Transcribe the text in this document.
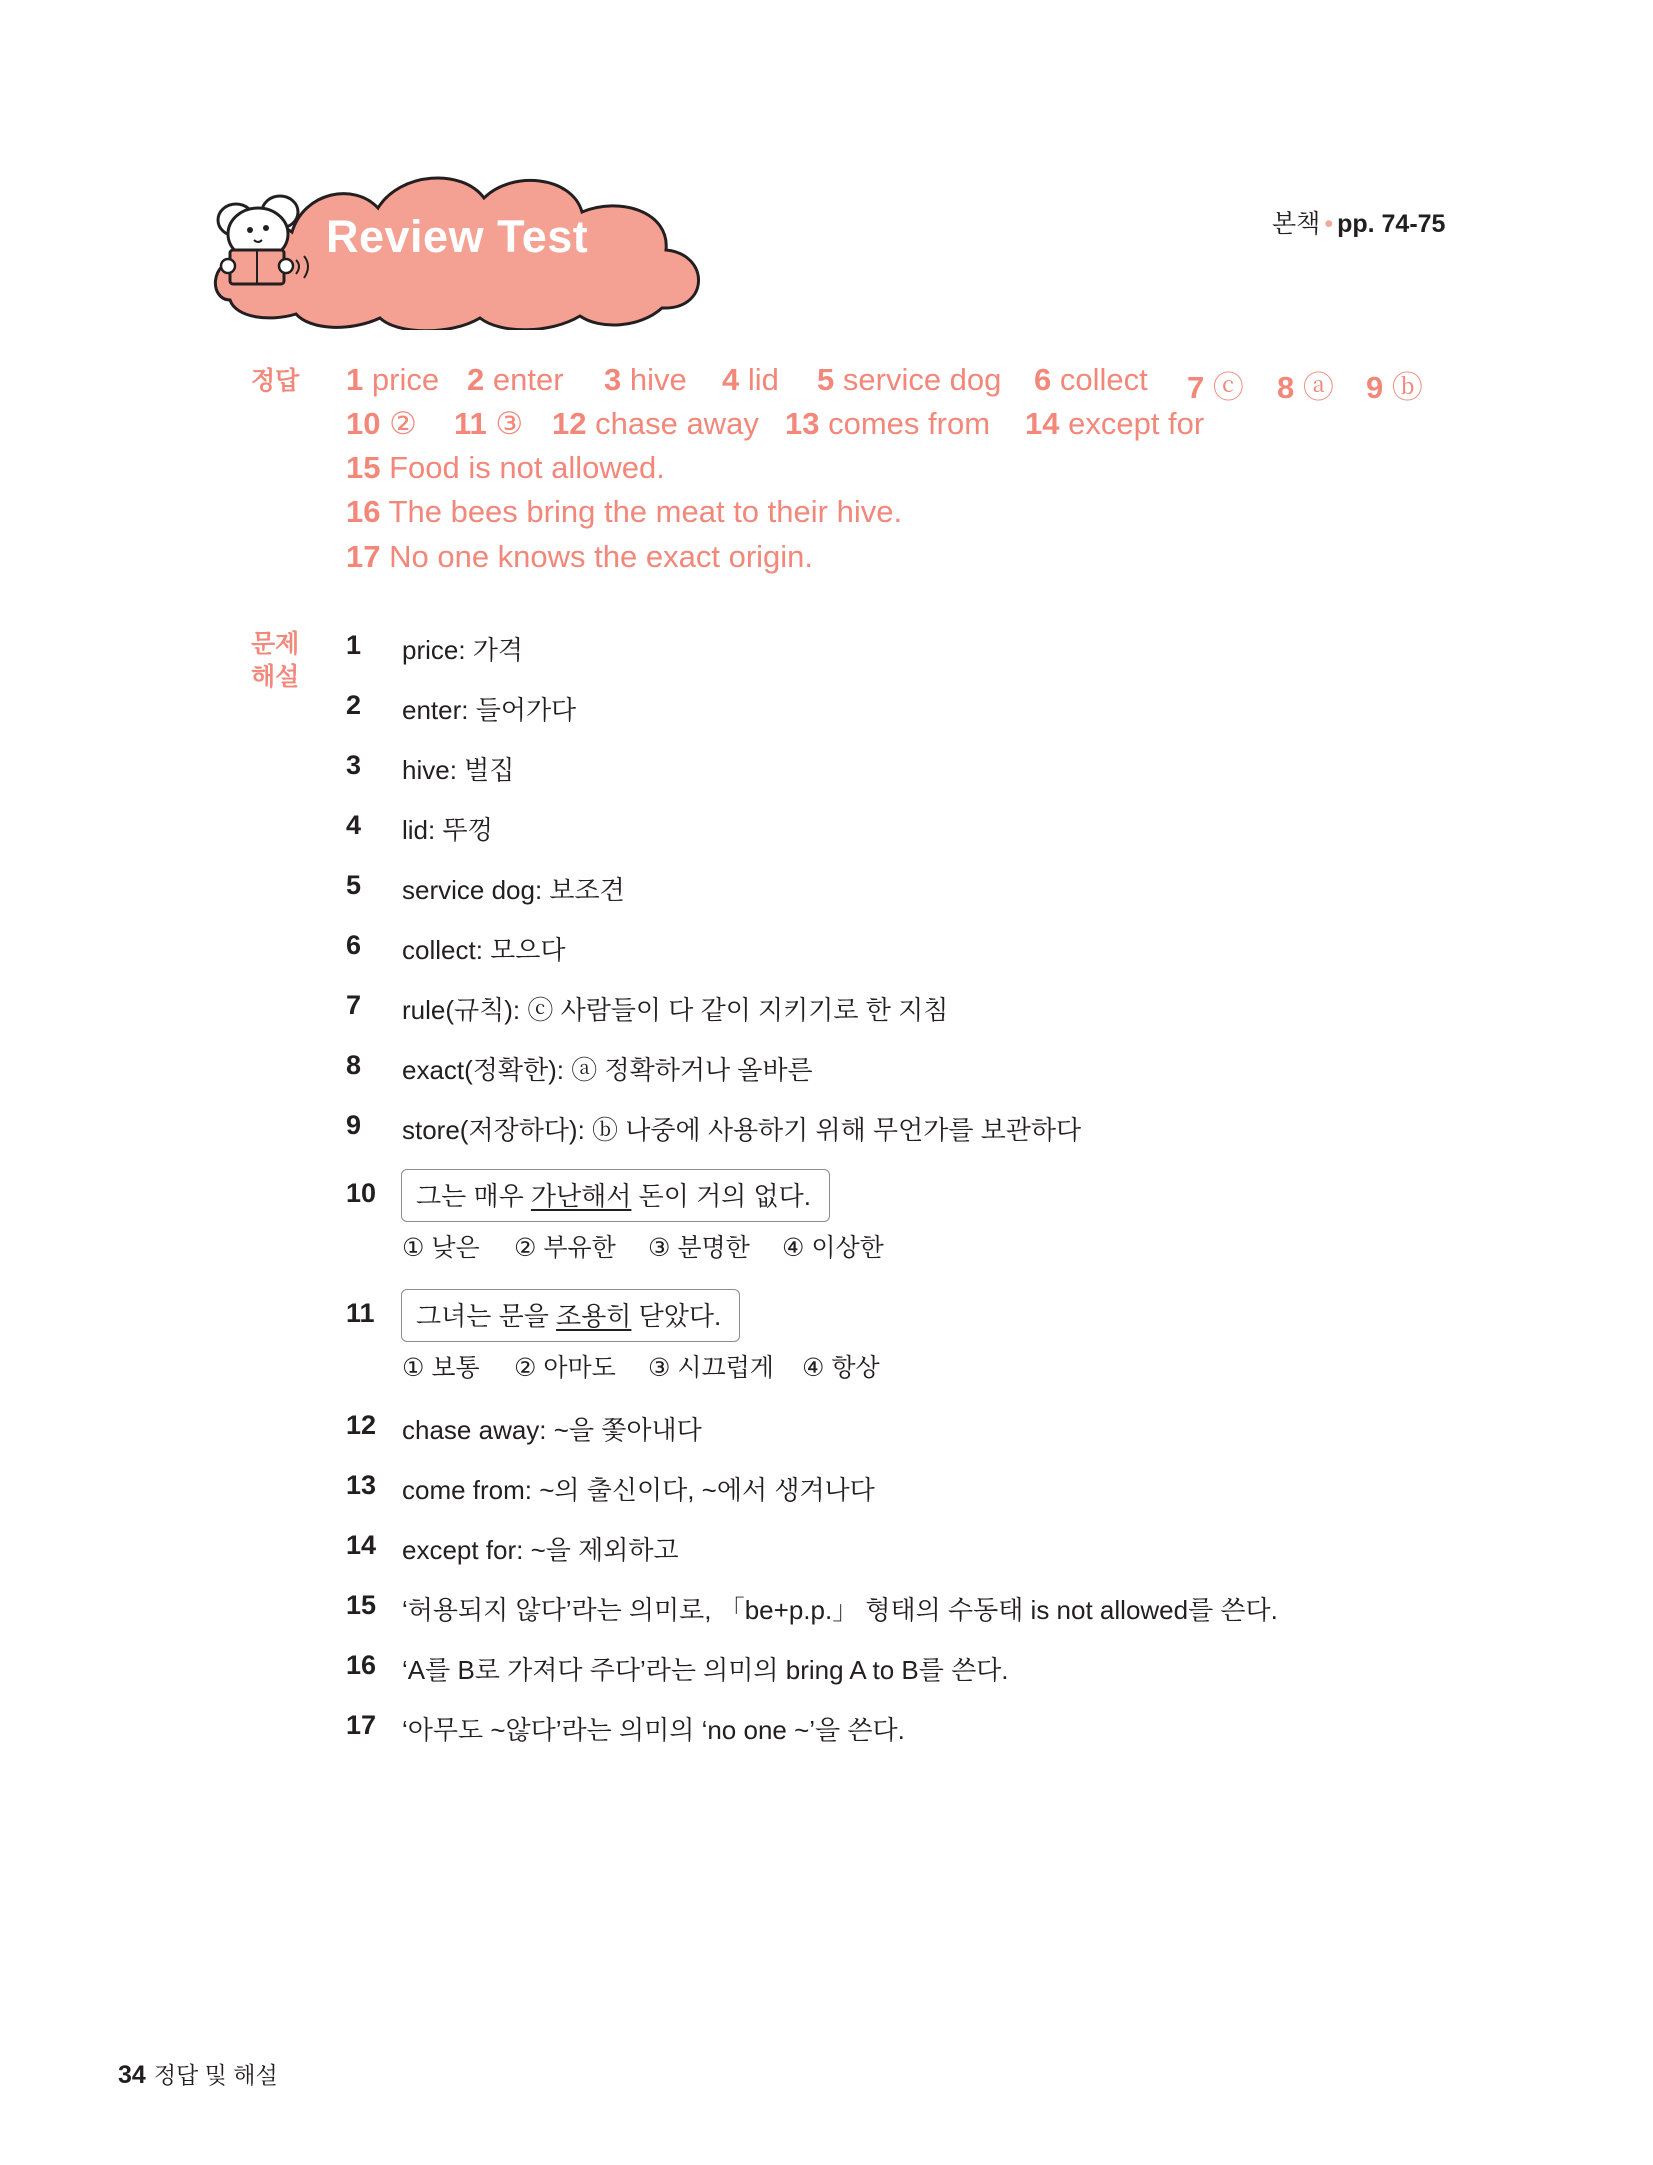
Review Test	본책 • pp. 74-75
정답 1 price 2 enter 3 hive 4 lid 5 service dog 6 collect 7 ⓒ 8 ⓐ 9 ⓑ
10 ② 11 ③ 12 chase away 13 comes from 14 except for
15 Food is not allowed.
16 The bees bring the meat to their hive.
17 No one knows the exact origin.
문제
해설
1 price: 가격
2 enter: 들어가다
3 hive: 벌집
4 lid: 뚜껑
5 service dog: 보조견
6 collect: 모으다
7 rule(규칙): ⓒ 사람들이 다 같이 지키기로 한 지침
8 exact(정확한): ⓐ 정확하거나 올바른
9 store(저장하다): ⓑ 나중에 사용하기 위해 무언가를 보관하다
10	그는 매우 가난해서 돈이 거의 없다.
① 낮은 ② 부유한 ③ 분명한 ④ 이상한
11	그녀는 문을 조용히 닫았다.
① 보통 ② 아마도 ③ 시끄럽게 ④ 항상
12 chase away: ~을 쫓아내다
13 come from: ~의 출신이다, ~에서 생겨나다
14 except for: ~을 제외하고
15 ‘허용되지 않다’라는 의미로, 「be+p.p.」 형태의 수동태 is not allowed를 쓴다.
16 ‘A를 B로 가져다 주다’라는 의미의 bring A to B를 쓴다.
17 ‘아무도 ~않다’라는 의미의 ‘no one ~’을 쓴다.
34 정답 및 해설
